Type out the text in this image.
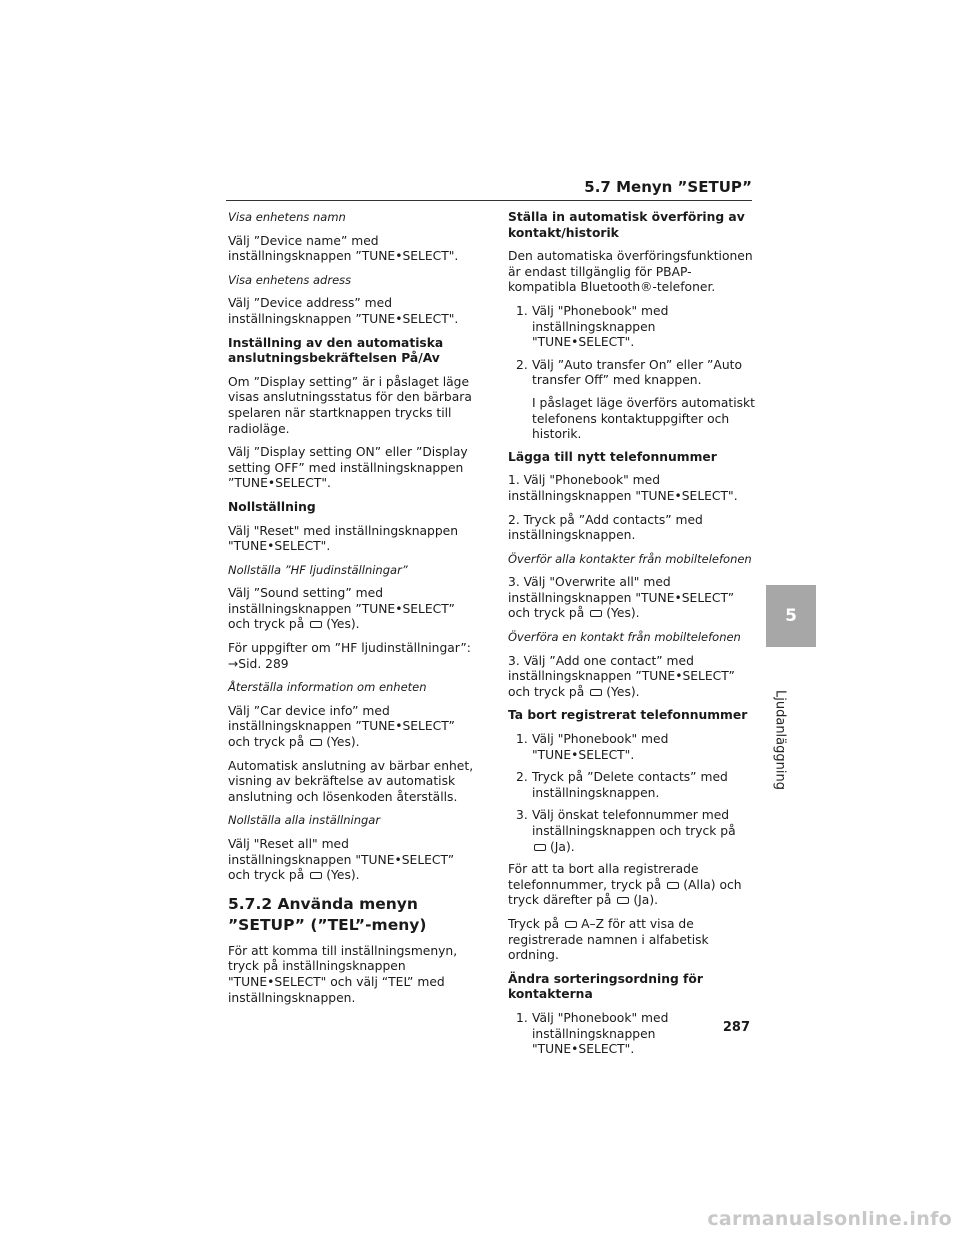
5.7 Menyn ”SETUP”

Visa enhetens namn

Välj ”Device name” med inställningsknappen ”TUNE•SELECT".

Visa enhetens adress

Välj ”Device address” med inställningsknappen ”TUNE•SELECT".

Inställning av den automatiska anslutningsbekräftelsen På/Av

Om ”Display setting” är i påslaget läge visas anslutningsstatus för den bärbara spelaren när startknappen trycks till radioläge.

Välj ”Display setting ON” eller ”Display setting OFF” med inställningsknappen ”TUNE•SELECT".

Nollställning

Välj "Reset" med inställningsknappen "TUNE•SELECT".

Nollställa ”HF ljudinställningar”

Välj ”Sound setting” med inställningsknappen ”TUNE•SELECT” och tryck på (Yes).

För uppgifter om ”HF ljudinställningar”: →Sid. 289

Återställa information om enheten

Välj ”Car device info” med inställningsknappen ”TUNE•SELECT” och tryck på (Yes).

Automatisk anslutning av bärbar enhet, visning av bekräftelse av automatisk anslutning och lösenkoden återställs.

Nollställa alla inställningar

Välj "Reset all" med inställningsknappen "TUNE•SELECT” och tryck på (Yes).

5.7.2 Använda menyn ”SETUP” (”TEL”-meny)

För att komma till inställningsmenyn, tryck på inställningsknappen "TUNE•SELECT" och välj “TEL” med inställningsknappen.

Ställa in automatisk överföring av kontakt/historik

Den automatiska överföringsfunktionen är endast tillgänglig för PBAP-kompatibla Bluetooth®-telefoner.

1. Välj "Phonebook" med inställningsknappen "TUNE•SELECT".

2. Välj ”Auto transfer On” eller ”Auto transfer Off” med knappen.

I påslaget läge överförs automatiskt telefonens kontaktuppgifter och historik.

Lägga till nytt telefonnummer

1. Välj "Phonebook" med inställningsknappen "TUNE•SELECT".

2. Tryck på ”Add contacts” med inställningsknappen.

Överför alla kontakter från mobiltelefonen

3. Välj "Overwrite all" med inställningsknappen "TUNE•SELECT” och tryck på (Yes).

Överföra en kontakt från mobiltelefonen

3. Välj ”Add one contact” med inställningsknappen ”TUNE•SELECT” och tryck på (Yes).

Ta bort registrerat telefonnummer

1. Välj "Phonebook" med "TUNE•SELECT".

2. Tryck på ”Delete contacts” med inställningsknappen.

3. Välj önskat telefonnummer med inställningsknappen och tryck på (Ja).

För att ta bort alla registrerade telefonnummer, tryck på (Alla) och tryck därefter på (Ja).

Tryck på A–Z för att visa de registrerade namnen i alfabetisk ordning.

Ändra sorteringsordning för kontakterna

1. Välj "Phonebook" med inställningsknappen "TUNE•SELECT".

5
Ljudanläggning
287
carmanualsonline.info
